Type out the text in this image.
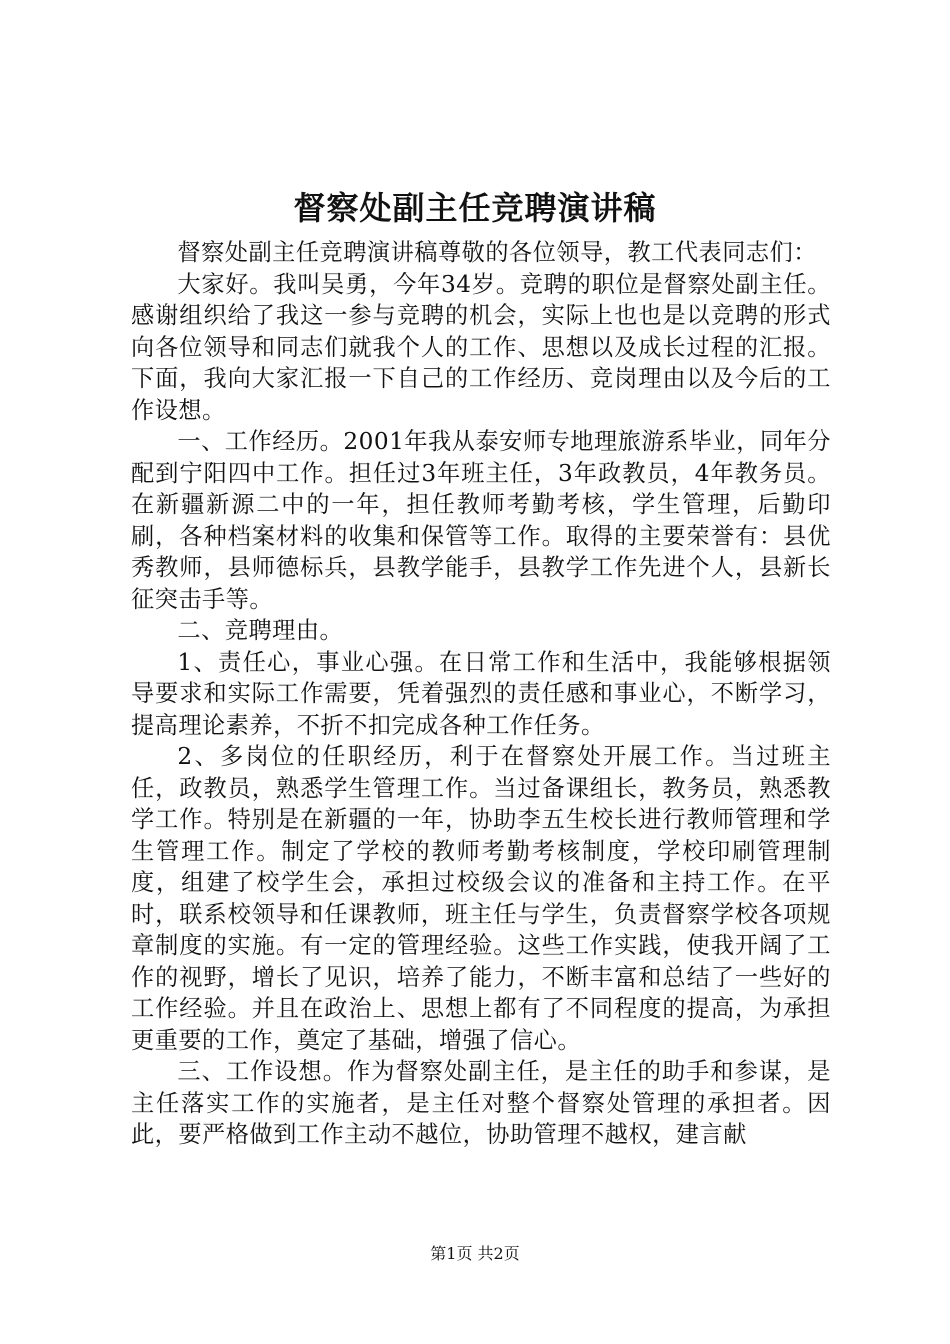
督察处副主任竞聘演讲稿

督察处副主任竞聘演讲稿尊敬的各位领导，教工代表同志们：

大家好。我叫吴勇，今年34岁。竞聘的职位是督察处副主任。感谢组织给了我这一参与竞聘的机会，实际上也也是以竞聘的形式向各位领导和同志们就我个人的工作、思想以及成长过程的汇报。下面，我向大家汇报一下自己的工作经历、竞岗理由以及今后的工作设想。

一、工作经历。2001年我从泰安师专地理旅游系毕业，同年分配到宁阳四中工作。担任过3年班主任，3年政教员，4年教务员。在新疆新源二中的一年，担任教师考勤考核，学生管理，后勤印刷，各种档案材料的收集和保管等工作。取得的主要荣誉有：县优秀教师，县师德标兵，县教学能手，县教学工作先进个人，县新长征突击手等。

二、竞聘理由。

1、责任心，事业心强。在日常工作和生活中，我能够根据领导要求和实际工作需要，凭着强烈的责任感和事业心，不断学习，提高理论素养，不折不扣完成各种工作任务。

2、多岗位的任职经历，利于在督察处开展工作。当过班主任，政教员，熟悉学生管理工作。当过备课组长，教务员，熟悉教学工作。特别是在新疆的一年，协助李五生校长进行教师管理和学生管理工作。制定了学校的教师考勤考核制度，学校印刷管理制度，组建了校学生会，承担过校级会议的准备和主持工作。在平时，联系校领导和任课教师，班主任与学生，负责督察学校各项规章制度的实施。有一定的管理经验。这些工作实践，使我开阔了工作的视野，增长了见识，培养了能力，不断丰富和总结了一些好的工作经验。并且在政治上、思想上都有了不同程度的提高，为承担更重要的工作，奠定了基础，增强了信心。

三、工作设想。作为督察处副主任，是主任的助手和参谋，是主任落实工作的实施者，是主任对整个督察处管理的承担者。因此，要严格做到工作主动不越位，协助管理不越权，建言献

第1页 共2页
